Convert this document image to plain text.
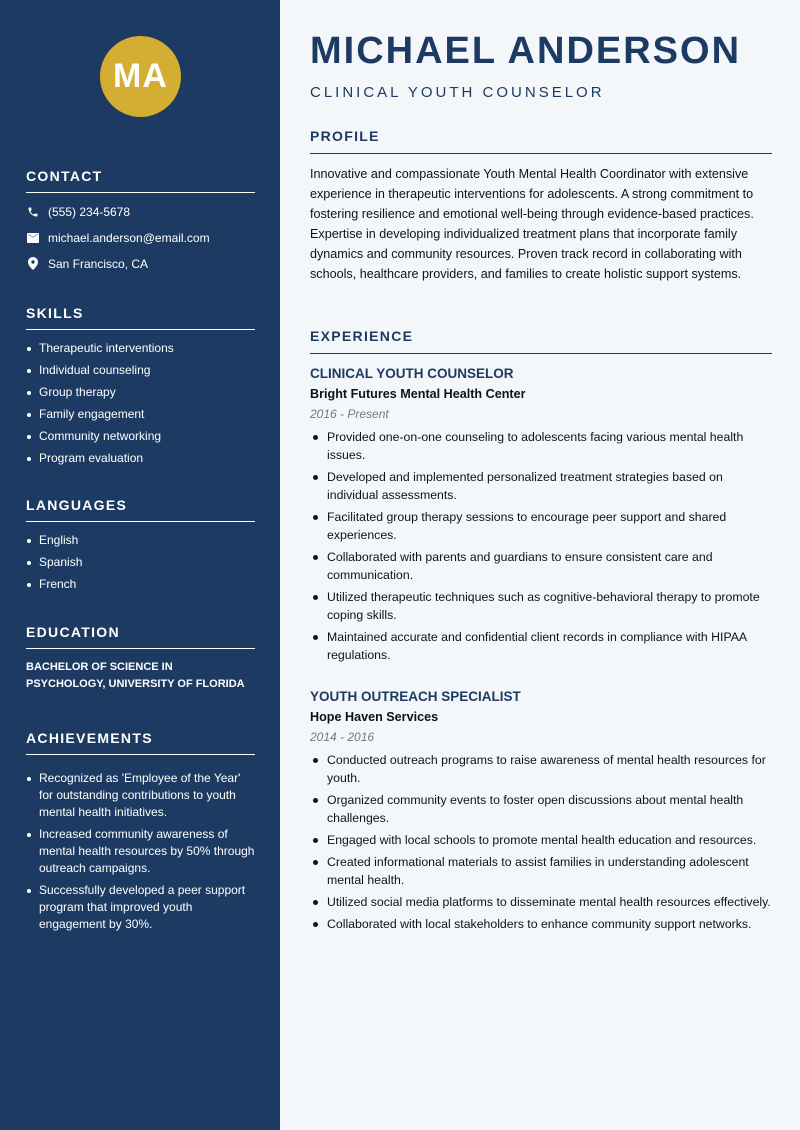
MA
CONTACT
(555) 234-5678
michael.anderson@email.com
San Francisco, CA
SKILLS
Therapeutic interventions
Individual counseling
Group therapy
Family engagement
Community networking
Program evaluation
LANGUAGES
English
Spanish
French
EDUCATION
BACHELOR OF SCIENCE IN
PSYCHOLOGY, UNIVERSITY OF FLORIDA
ACHIEVEMENTS
Recognized as 'Employee of the Year' for outstanding contributions to youth mental health initiatives.
Increased community awareness of mental health resources by 50% through outreach campaigns.
Successfully developed a peer support program that improved youth engagement by 30%.
MICHAEL ANDERSON
CLINICAL YOUTH COUNSELOR
PROFILE

Innovative and compassionate Youth Mental Health Coordinator with extensive experience in therapeutic interventions for adolescents. A strong commitment to fostering resilience and emotional well-being through evidence-based practices. Expertise in developing individualized treatment plans that incorporate family dynamics and community resources. Proven track record in collaborating with schools, healthcare providers, and families to create holistic support systems.

EXPERIENCE
CLINICAL YOUTH COUNSELOR
Bright Futures Mental Health Center
2016 - Present
Provided one-on-one counseling to adolescents facing various mental health issues.
Developed and implemented personalized treatment strategies based on individual assessments.
Facilitated group therapy sessions to encourage peer support and shared experiences.
Collaborated with parents and guardians to ensure consistent care and communication.
Utilized therapeutic techniques such as cognitive-behavioral therapy to promote coping skills.
Maintained accurate and confidential client records in compliance with HIPAA regulations.
YOUTH OUTREACH SPECIALIST
Hope Haven Services
2014 - 2016
Conducted outreach programs to raise awareness of mental health resources for youth.
Organized community events to foster open discussions about mental health challenges.
Engaged with local schools to promote mental health education and resources.
Created informational materials to assist families in understanding adolescent mental health.
Utilized social media platforms to disseminate mental health resources effectively.
Collaborated with local stakeholders to enhance community support networks.
